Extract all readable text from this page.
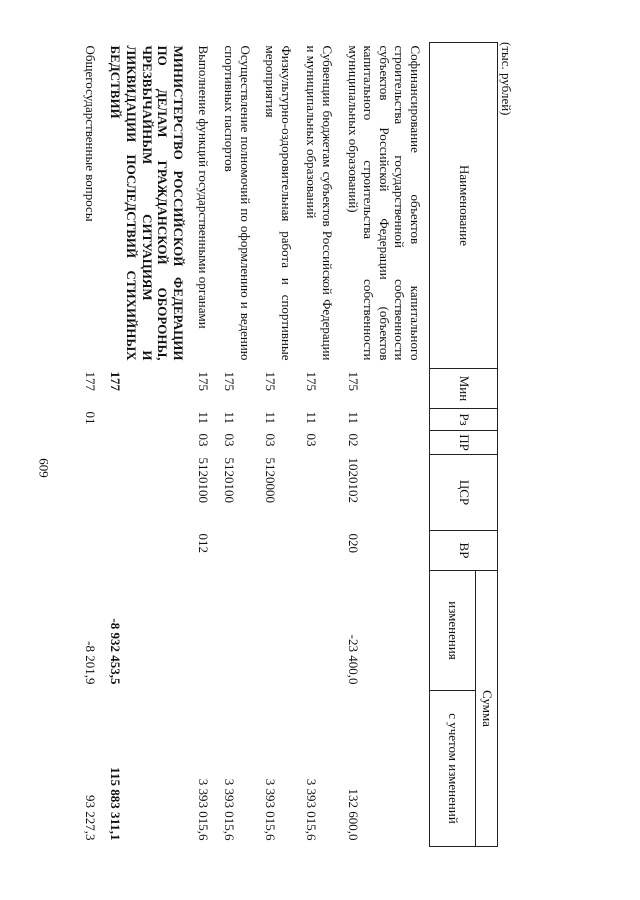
609
(тыс. рублей)
Наименование	Мин	Рз	ПР	ЦСР	ВР	Сумма	
						изменения	с учетом изменений
Софинансирование объектов капитального строительства государственной собственности субъектов Российской Федерации (объектов капитального строительства собственности муниципальных образований)	175	11	02	1020102	020	-23 400,0	132 600,0
Субвенции бюджетам субъектов Российской Федерации и муниципальных образований	175	11	03				3 393 015,6
Физкультурно-оздоровительная работа и спортивные мероприятия	175	11	03	5120000			3 393 015,6
Осуществление полномочий по оформлению и ведению спортивных паспортов	175	11	03	5120100			3 393 015,6
Выполнение функций государственными органами	175	11	03	5120100	012		3 393 015,6
МИНИСТЕРСТВО РОССИЙСКОЙ ФЕДЕРАЦИИ ПО ДЕЛАМ ГРАЖДАНСКОЙ ОБОРОНЫ, ЧРЕЗВЫЧАЙНЫМ СИТУАЦИЯМ И ЛИКВИДАЦИИ ПОСЛЕДСТВИЙ СТИХИЙНЫХ БЕДСТВИЙ	177					-8 932 453,5	115 883 311,1
Общегосударственные вопросы	177	01				-8 201,9	93 227,3
